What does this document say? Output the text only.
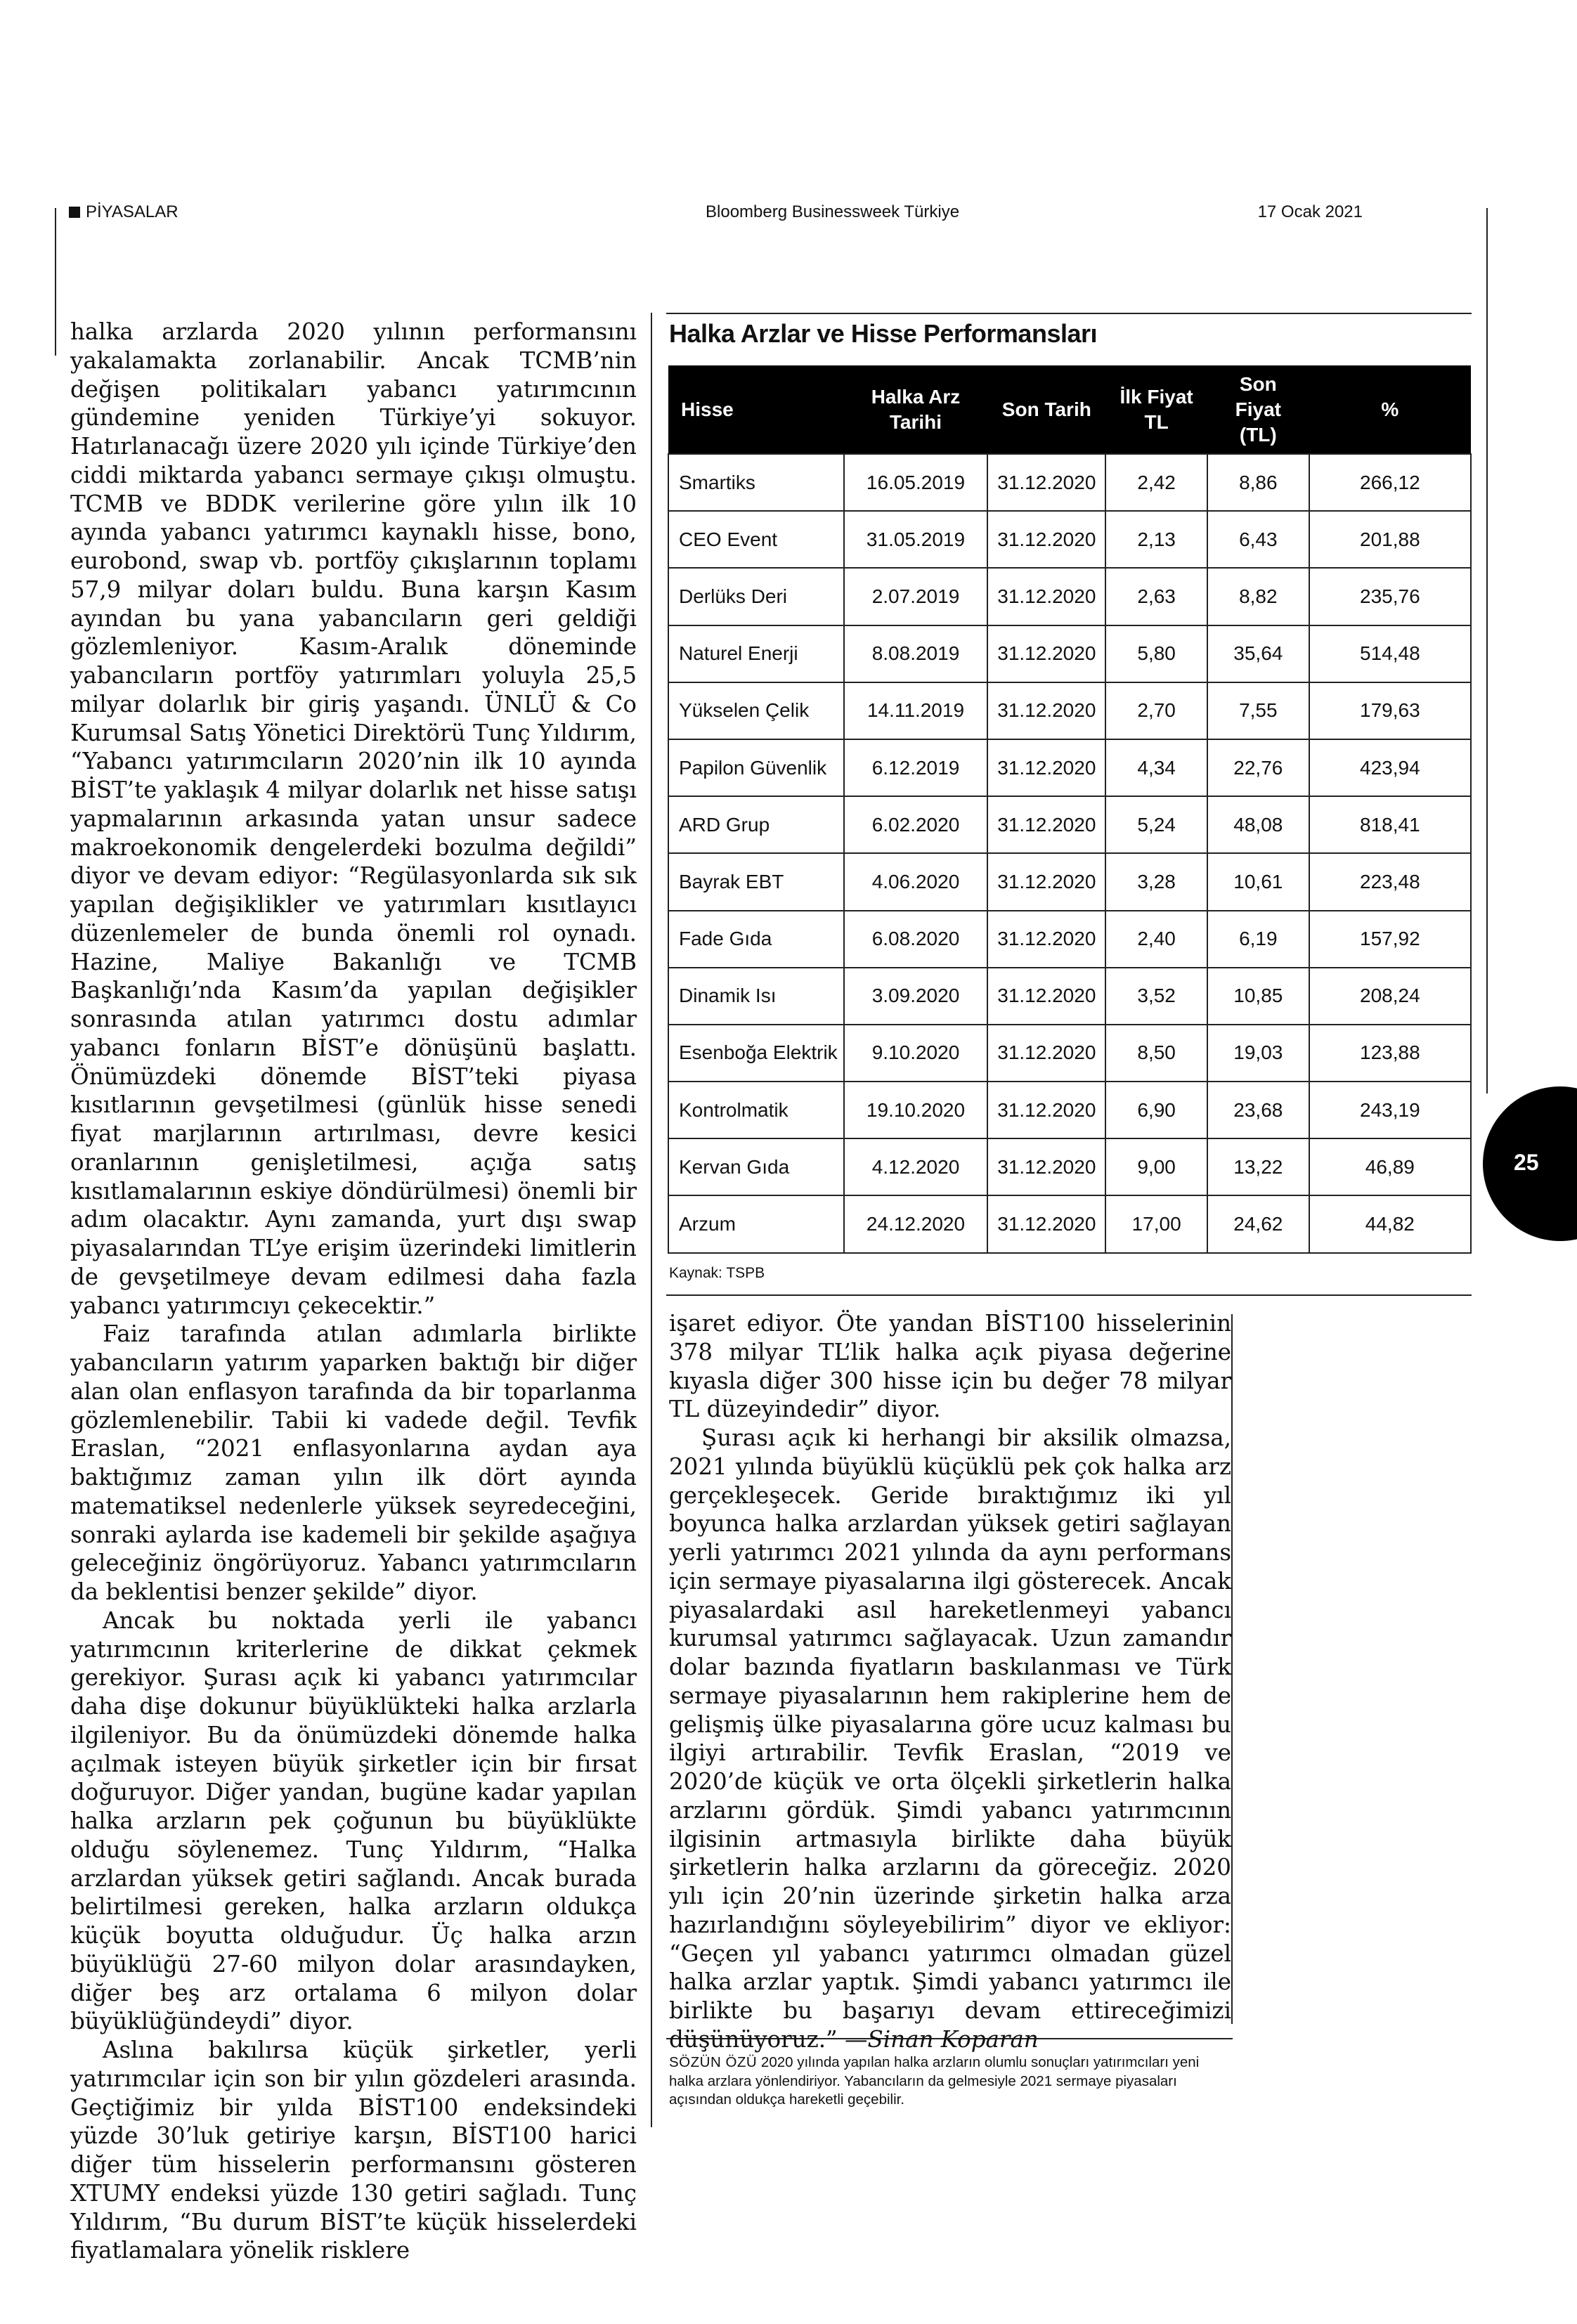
PİYASALAR	Bloomberg Businessweek Türkiye	17 Ocak 2021

halka arzlarda 2020 yılının performansını yakalamakta zorlanabilir. Ancak TCMB’nin değişen politikaları yabancı yatırımcının gündemine yeniden Türkiye’yi sokuyor. Hatırlanacağı üzere 2020 yılı içinde Türkiye’den ciddi miktarda yabancı sermaye çıkışı olmuştu. TCMB ve BDDK verilerine göre yılın ilk 10 ayında yabancı yatırımcı kaynaklı hisse, bono, eurobond, swap vb. portföy çıkışlarının toplamı 57,9 milyar doları buldu. Buna karşın Kasım ayından bu yana yabancıların geri geldiği gözlemleniyor. Kasım-Aralık döneminde yabancıların portföy yatırımları yoluyla 25,5 milyar dolarlık bir giriş yaşandı. ÜNLÜ & Co Kurumsal Satış Yönetici Direktörü Tunç Yıldırım, “Yabancı yatırımcıların 2020’nin ilk 10 ayında BİST’te yaklaşık 4 milyar dolarlık net hisse satışı yapmalarının arkasında yatan unsur sadece makroekonomik dengelerdeki bozulma değildi” diyor ve devam ediyor: “Regülasyonlarda sık sık yapılan değişiklikler ve yatırımları kısıtlayıcı düzenlemeler de bunda önemli rol oynadı. Hazine, Maliye Bakanlığı ve TCMB Başkanlığı’nda Kasım’da yapılan değişikler sonrasında atılan yatırımcı dostu adımlar yabancı fonların BİST’e dönüşünü başlattı. Önümüzdeki dönemde BİST’teki piyasa kısıtlarının gevşetilmesi (günlük hisse senedi fiyat marjlarının artırılması, devre kesici oranlarının genişletilmesi, açığa satış kısıtlamalarının eskiye döndürülmesi) önemli bir adım olacaktır. Aynı zamanda, yurt dışı swap piyasalarından TL’ye erişim üzerindeki limitlerin de gevşetilmeye devam edilmesi daha fazla yabancı yatırımcıyı çekecektir.”

Faiz tarafında atılan adımlarla birlikte yabancıların yatırım yaparken baktığı bir diğer alan olan enflasyon tarafında da bir toparlanma gözlemlenebilir. Tabii ki vadede değil. Tevfik Eraslan, “2021 enflasyonlarına aydan aya baktığımız zaman yılın ilk dört ayında matematiksel nedenlerle yüksek seyredeceğini, sonraki aylarda ise kademeli bir şekilde aşağıya geleceğiniz öngörüyoruz. Yabancı yatırımcıların da beklentisi benzer şekilde” diyor.

Ancak bu noktada yerli ile yabancı yatırımcının kriterlerine de dikkat çekmek gerekiyor. Şurası açık ki yabancı yatırımcılar daha dişe dokunur büyüklükteki halka arzlarla ilgileniyor. Bu da önümüzdeki dönemde halka açılmak isteyen büyük şirketler için bir fırsat doğuruyor. Diğer yandan, bugüne kadar yapılan halka arzların pek çoğunun bu büyüklükte olduğu söylenemez. Tunç Yıldırım, “Halka arzlardan yüksek getiri sağlandı. Ancak burada belirtilmesi gereken, halka arzların oldukça küçük boyutta olduğudur. Üç halka arzın büyüklüğü 27-60 milyon dolar arasındayken, diğer beş arz ortalama 6 milyon dolar büyüklüğündeydi” diyor.

Aslına bakılırsa küçük şirketler, yerli yatırımcılar için son bir yılın gözdeleri arasında. Geçtiğimiz bir yılda BİST100 endeksindeki yüzde 30’luk getiriye karşın, BİST100 harici diğer tüm hisselerin performansını gösteren XTUMY endeksi yüzde 130 getiri sağladı. Tunç Yıldırım, “Bu durum BİST’te küçük hisselerdeki fiyatlamalara yönelik risklere

Halka Arzlar ve Hisse Performansları
Hisse	Halka Arz Tarihi	Son Tarih	İlk Fiyat TL	Son Fiyat (TL)	%
Smartiks	16.05.2019	31.12.2020	2,42	8,86	266,12
CEO Event	31.05.2019	31.12.2020	2,13	6,43	201,88
Derlüks Deri	2.07.2019	31.12.2020	2,63	8,82	235,76
Naturel Enerji	8.08.2019	31.12.2020	5,80	35,64	514,48
Yükselen Çelik	14.11.2019	31.12.2020	2,70	7,55	179,63
Papilon Güvenlik	6.12.2019	31.12.2020	4,34	22,76	423,94
ARD Grup	6.02.2020	31.12.2020	5,24	48,08	818,41
Bayrak EBT	4.06.2020	31.12.2020	3,28	10,61	223,48
Fade Gıda	6.08.2020	31.12.2020	2,40	6,19	157,92
Dinamik Isı	3.09.2020	31.12.2020	3,52	10,85	208,24
Esenboğa Elektrik	9.10.2020	31.12.2020	8,50	19,03	123,88
Kontrolmatik	19.10.2020	31.12.2020	6,90	23,68	243,19
Kervan Gıda	4.12.2020	31.12.2020	9,00	13,22	46,89
Arzum	24.12.2020	31.12.2020	17,00	24,62	44,82
Kaynak: TSPB
25

işaret ediyor. Öte yandan BİST100 hisselerinin 378 milyar TL’lik halka açık piyasa değerine kıyasla diğer 300 hisse için bu değer 78 milyar TL düzeyindedir” diyor.

Şurası açık ki herhangi bir aksilik olmazsa, 2021 yılında büyüklü küçüklü pek çok halka arz gerçekleşecek. Geride bıraktığımız iki yıl boyunca halka arzlardan yüksek getiri sağlayan yerli yatırımcı 2021 yılında da aynı performans için sermaye piyasalarına ilgi gösterecek. Ancak piyasalardaki asıl hareketlenmeyi yabancı kurumsal yatırımcı sağlayacak. Uzun zamandır dolar bazında fiyatların baskılanması ve Türk sermaye piyasalarının hem rakiplerine hem de gelişmiş ülke piyasalarına göre ucuz kalması bu ilgiyi artırabilir. Tevfik Eraslan, “2019 ve 2020’de küçük ve orta ölçekli şirketlerin halka arzlarını gördük. Şimdi yabancı yatırımcının ilgisinin artmasıyla birlikte daha büyük şirketlerin halka arzlarını da göreceğiz. 2020 yılı için 20’nin üzerinde şirketin halka arza hazırlandığını söyleyebilirim” diyor ve ekliyor: “Geçen yıl yabancı yatırımcı olmadan güzel halka arzlar yaptık. Şimdi yabancı yatırımcı ile birlikte bu başarıyı devam ettireceğimizi düşünüyoruz.” —Sinan Koparan

SÖZÜN ÖZÜ 2020 yılında yapılan halka arzların olumlu sonuçları yatırımcıları yeni halka arzlara yönlendiriyor. Yabancıların da gelmesiyle 2021 sermaye piyasaları açısından oldukça hareketli geçebilir.
